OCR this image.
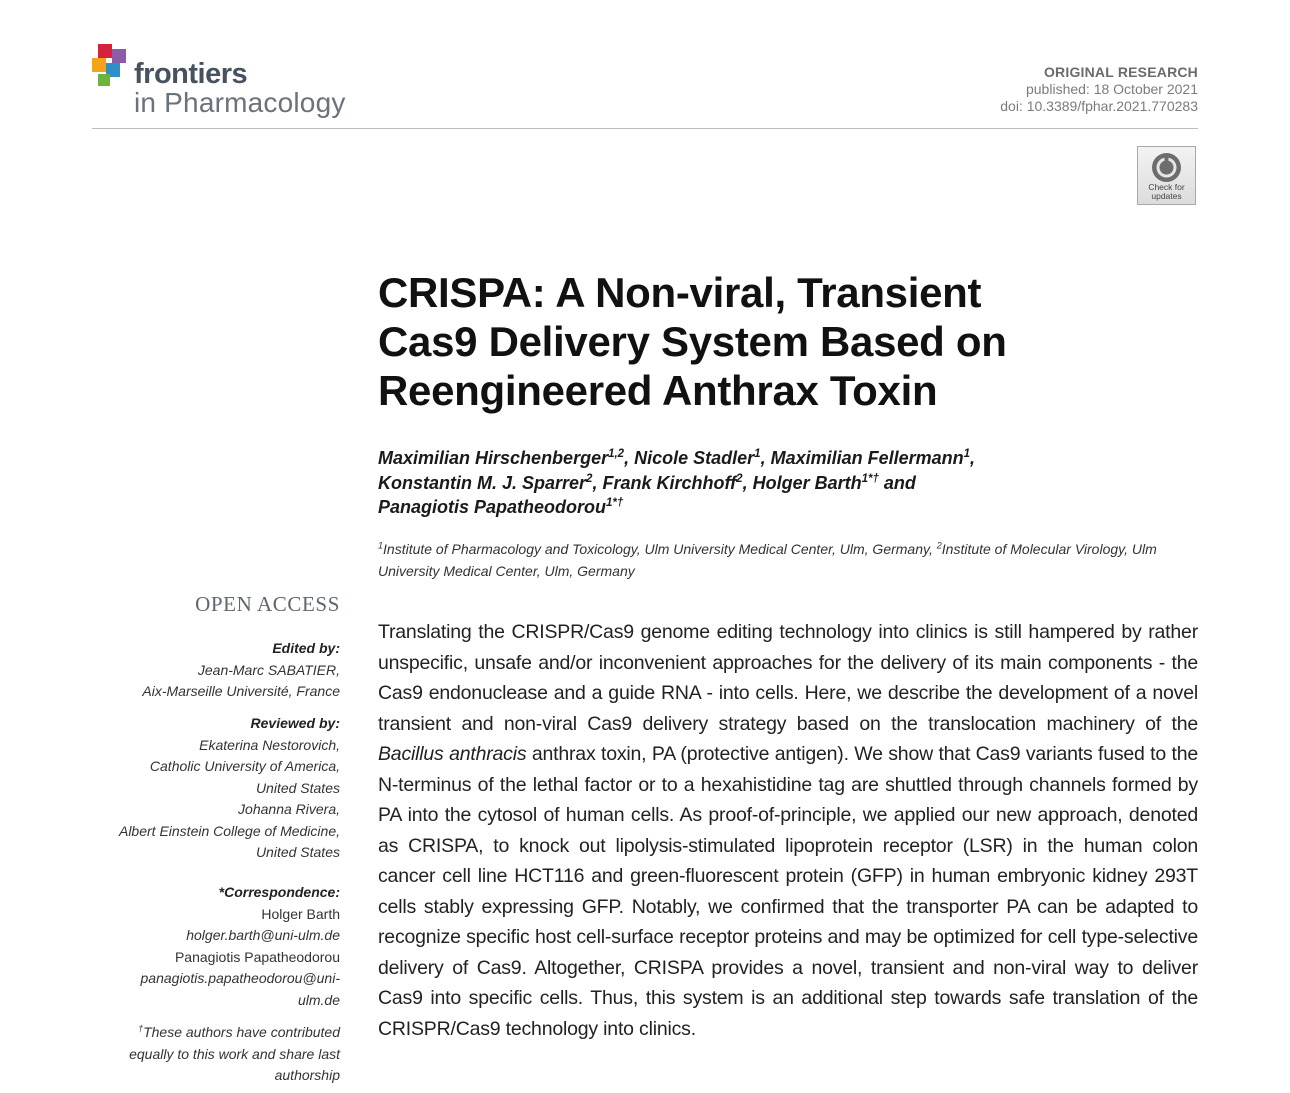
frontiers
in Pharmacology
ORIGINAL RESEARCH
published: 18 October 2021
doi: 10.3389/fphar.2021.770283
Check for
updates
CRISPA: A Non-viral, Transient
Cas9 Delivery System Based on
Reengineered Anthrax Toxin
Maximilian Hirschenberger$^{1,2}$, Nicole Stadler$^1$, Maximilian Fellermann$^1$,
Konstantin M. J. Sparrer$^2$, Frank Kirchhoff$^2$, Holger Barth$^{1*\dagger}$ and
Panagiotis Papatheodorou$^{1*\dagger}$
$^1$Institute of Pharmacology and Toxicology, Ulm University Medical Center, Ulm, Germany, $^2$Institute of Molecular Virology, Ulm University Medical Center, Ulm, Germany
OPEN ACCESS
Edited by:
Jean-Marc SABATIER,
Aix-Marseille Université, France
Reviewed by:
Ekaterina Nestorovich,
Catholic University of America,
United States
Johanna Rivera,
Albert Einstein College of Medicine,
United States
*Correspondence:
Holger Barth
holger.barth@uni-ulm.de
Panagiotis Papatheodorou
panagiotis.papatheodorou@uni-
ulm.de
†These authors have contributed
equally to this work and share last
authorship

Translating the CRISPR/Cas9 genome editing technology into clinics is still hampered by rather unspecific, unsafe and/or inconvenient approaches for the delivery of its main components - the Cas9 endonuclease and a guide RNA - into cells. Here, we describe the development of a novel transient and non-viral Cas9 delivery strategy based on the translocation machinery of the Bacillus anthracis anthrax toxin, PA (protective antigen). We show that Cas9 variants fused to the N-terminus of the lethal factor or to a hexahistidine tag are shuttled through channels formed by PA into the cytosol of human cells. As proof-of-principle, we applied our new approach, denoted as CRISPA, to knock out lipolysis-stimulated lipoprotein receptor (LSR) in the human colon cancer cell line HCT116 and green-fluorescent protein (GFP) in human embryonic kidney 293T cells stably expressing GFP. Notably, we confirmed that the transporter PA can be adapted to recognize specific host cell-surface receptor proteins and may be optimized for cell type-selective delivery of Cas9. Altogether, CRISPA provides a novel, transient and non-viral way to deliver Cas9 into specific cells. Thus, this system is an additional step towards safe translation of the CRISPR/Cas9 technology into clinics.
